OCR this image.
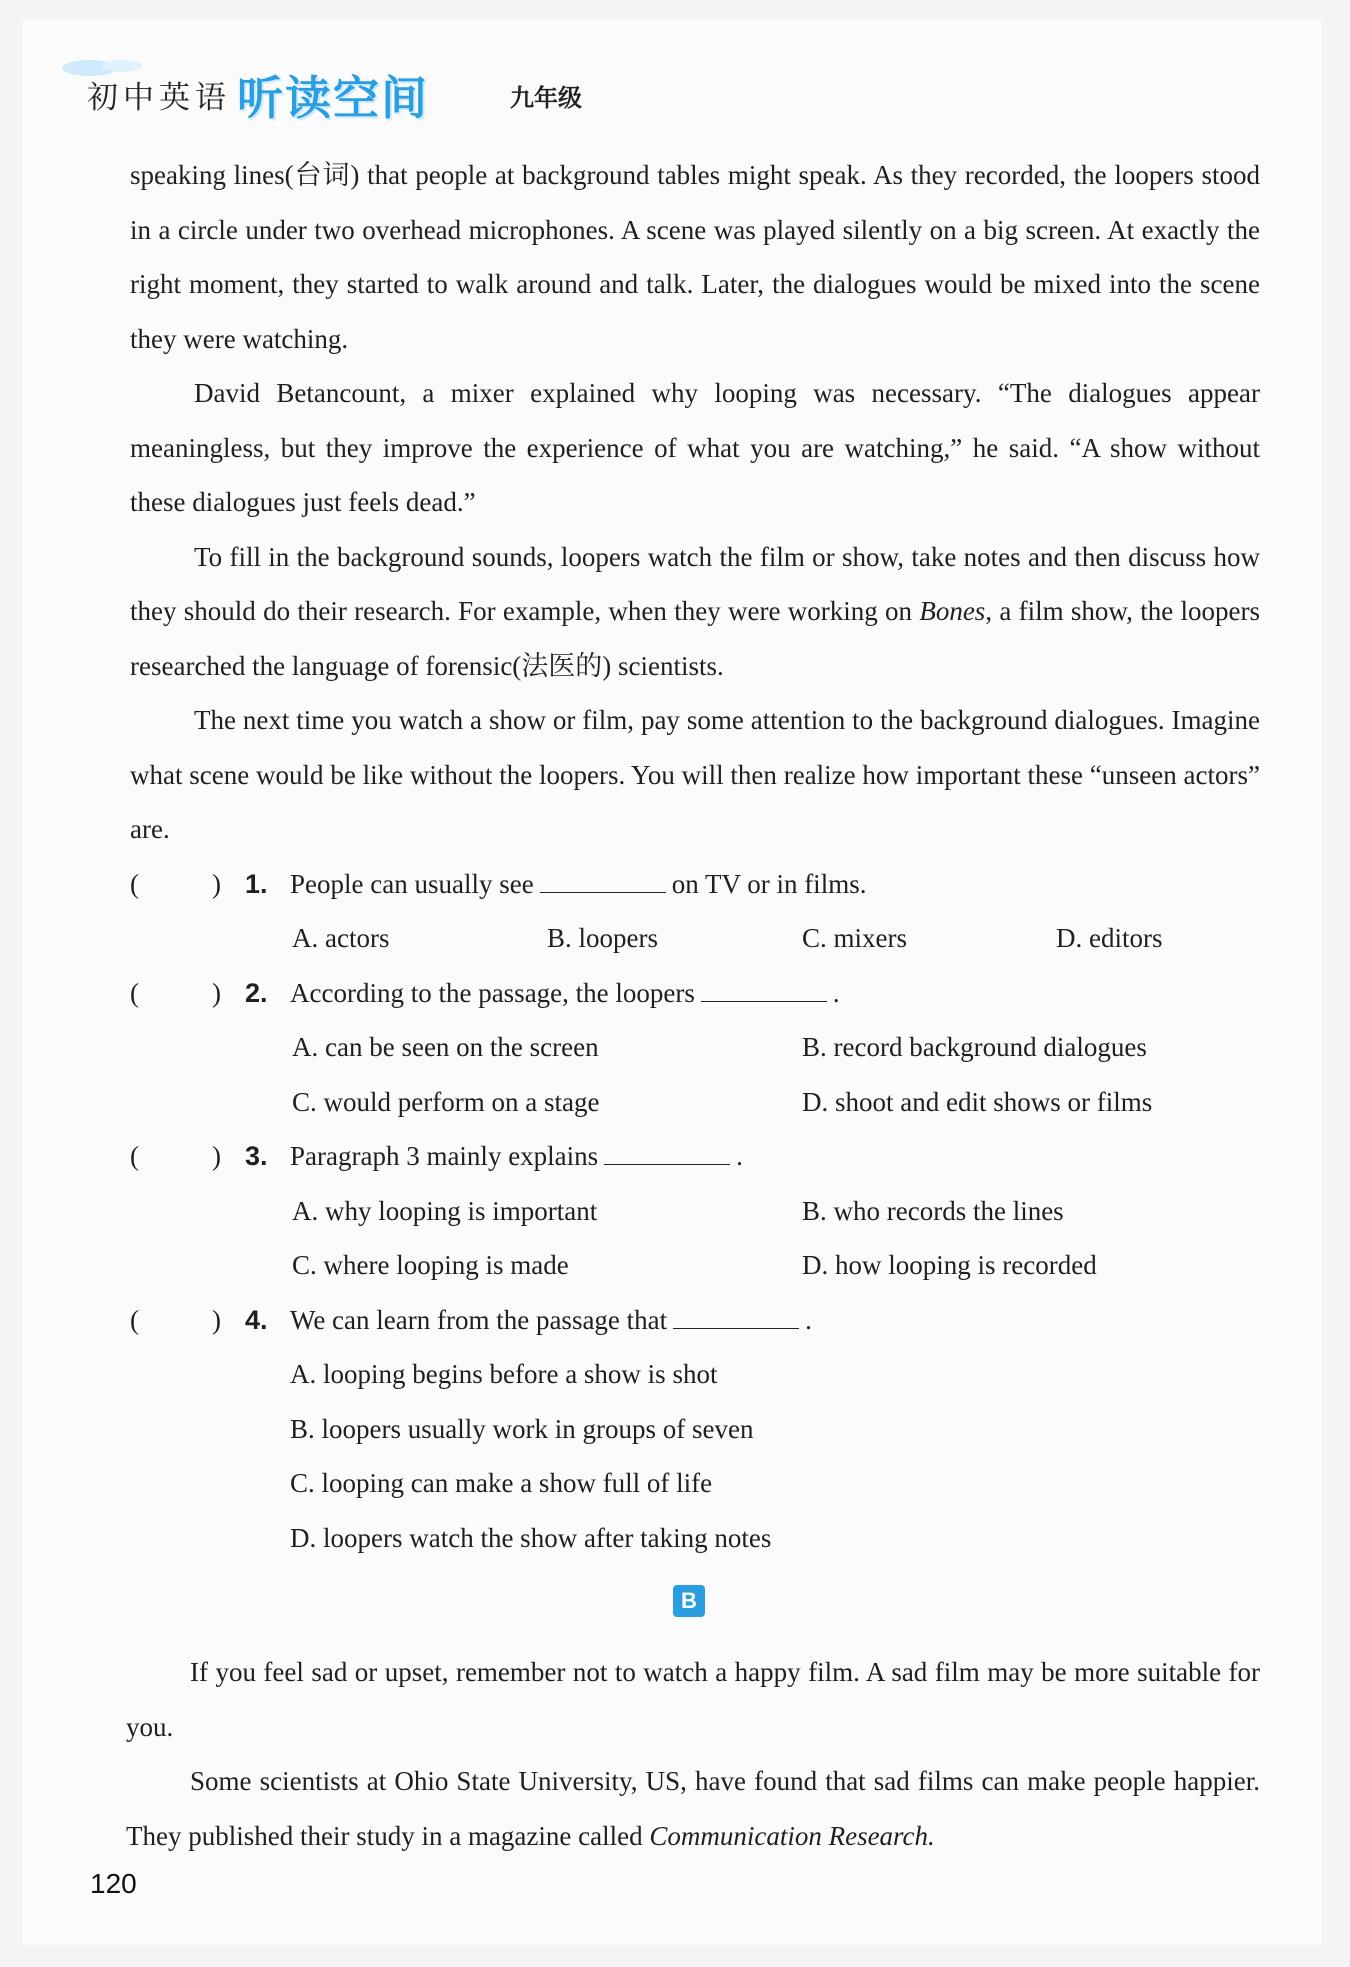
初中英语 听读空间	九年级

speaking lines(台词) that people at background tables might speak. As they recorded, the loopers stood in a circle under two overhead microphones. A scene was played silently on a big screen. At exactly the right moment, they started to walk around and talk. Later, the dialogues would be mixed into the scene they were watching.

David Betancount, a mixer explained why looping was necessary. “The dialogues appear meaningless, but they improve the experience of what you are watching,” he said. “A show without these dialogues just feels dead.”

To fill in the background sounds, loopers watch the film or show, take notes and then discuss how they should do their research. For example, when they were working on Bones, a film show, the loopers researched the language of forensic(法医的) scientists.

The next time you watch a show or film, pay some attention to the background dialogues. Imagine what scene would be like without the loopers. You will then realize how important these “unseen actors” are.

(	) 1. People can usually see	on TV or in films.
A. actors	B. loopers	C. mixers	D. editors
(	) 2. According to the passage, the loopers	.
A. can be seen on the screen	B. record background dialogues
C. would perform on a stage	D. shoot and edit shows or films
(	) 3. Paragraph 3 mainly explains	.
A. why looping is important	B. who records the lines
C. where looping is made	D. how looping is recorded
(	) 4. We can learn from the passage that	.
A. looping begins before a show is shot
B. loopers usually work in groups of seven
C. looping can make a show full of life
D. loopers watch the show after taking notes
B

If you feel sad or upset, remember not to watch a happy film. A sad film may be more suitable for you.

Some scientists at Ohio State University, US, have found that sad films can make people happier. They published their study in a magazine called Communication Research.

120
